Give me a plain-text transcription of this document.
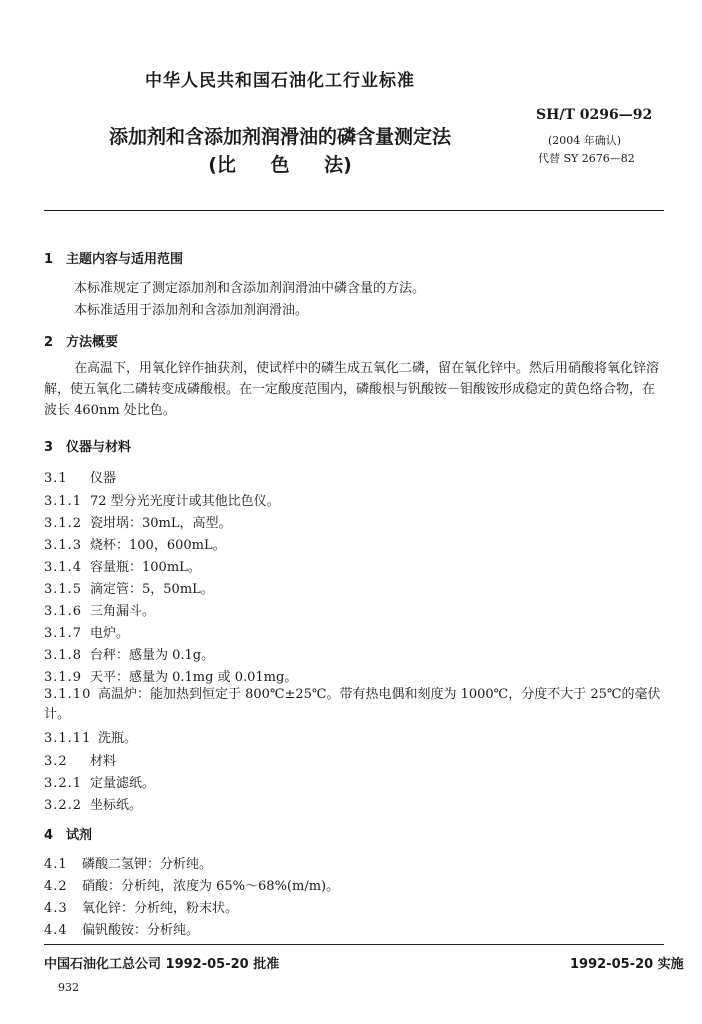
中华人民共和国石油化工行业标准
添加剂和含添加剂润滑油的磷含量测定法
(比 色 法)
SH/T 0296—92
(2004 年确认)
代替 SY 2676—82
1 主题内容与适用范围
本标准规定了测定添加剂和含添加剂润滑油中磷含量的方法。
本标准适用于添加剂和含添加剂润滑油。
2 方法概要
在高温下，用氧化锌作抽获剂，使试样中的磷生成五氧化二磷，留在氧化锌中。然后用硝酸将氧化锌溶解，使五氧化二磷转变成磷酸根。在一定酸度范围内，磷酸根与钒酸铵－钼酸铵形成稳定的黄色络合物，在波长 460nm 处比色。
3 仪器与材料
3.1 仪器
3.1.1 72 型分光光度计或其他比色仪。
3.1.2 瓷坩埚：30mL，高型。
3.1.3 烧杯：100，600mL。
3.1.4 容量瓶：100mL。
3.1.5 滴定管：5，50mL。
3.1.6 三角漏斗。
3.1.7 电炉。
3.1.8 台秤：感量为 0.1g。
3.1.9 天平：感量为 0.1mg 或 0.01mg。
3.1.10 高温炉：能加热到恒定于 800℃±25℃。带有热电偶和刻度为 1000℃，分度不大于 25℃的毫伏计。
3.1.11 洗瓶。
3.2 材料
3.2.1 定量滤纸。
3.2.2 坐标纸。
4 试剂
4.1 磷酸二氢钾：分析纯。
4.2 硝酸：分析纯，浓度为 65%～68%(m/m)。
4.3 氧化锌：分析纯，粉末状。
4.4 偏钒酸铵：分析纯。
中国石油化工总公司 1992-05-20 批准	1992-05-20 实施
932
